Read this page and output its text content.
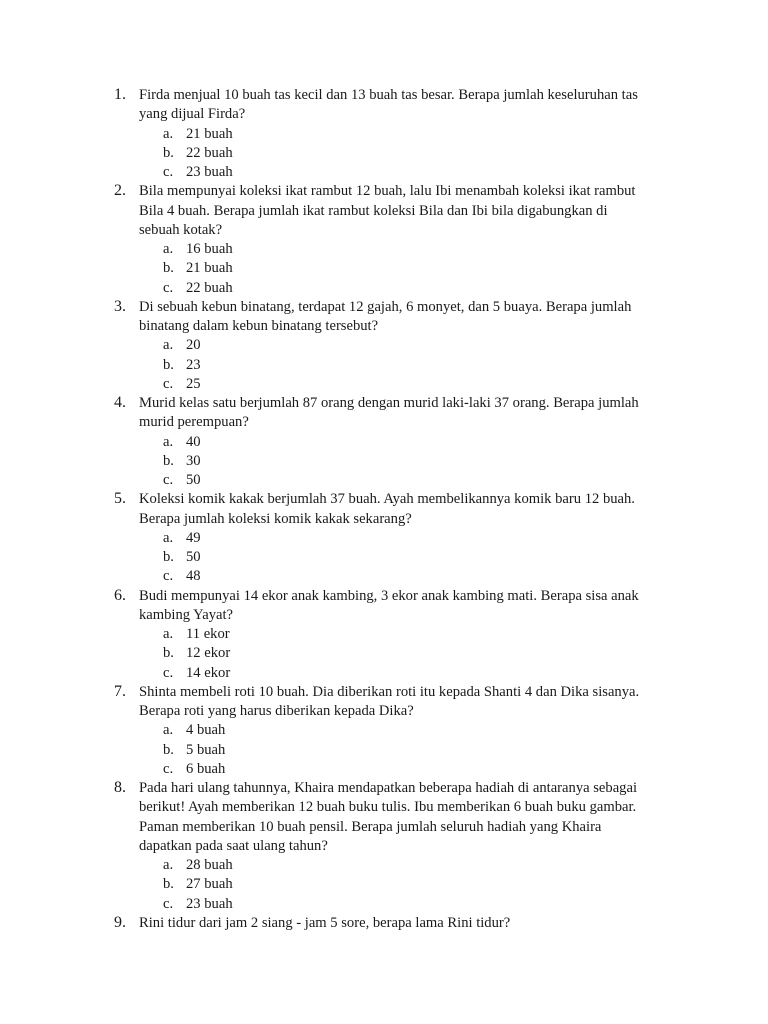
1. Firda menjual 10 buah tas kecil dan 13 buah tas besar. Berapa jumlah keseluruhan tas
yang dijual Firda?
a. 21 buah
b. 22 buah
c. 23 buah
2. Bila mempunyai koleksi ikat rambut 12 buah, lalu Ibi menambah koleksi ikat rambut
Bila 4 buah. Berapa jumlah ikat rambut koleksi Bila dan Ibi bila digabungkan di
sebuah kotak?
a. 16 buah
b. 21 buah
c. 22 buah
3. Di sebuah kebun binatang, terdapat 12 gajah, 6 monyet, dan 5 buaya. Berapa jumlah
binatang dalam kebun binatang tersebut?
a. 20
b. 23
c. 25
4. Murid kelas satu berjumlah 87 orang dengan murid laki-laki 37 orang. Berapa jumlah
murid perempuan?
a. 40
b. 30
c. 50
5. Koleksi komik kakak berjumlah 37 buah. Ayah membelikannya komik baru 12 buah.
Berapa jumlah koleksi komik kakak sekarang?
a. 49
b. 50
c. 48
6. Budi mempunyai 14 ekor anak kambing, 3 ekor anak kambing mati. Berapa sisa anak
kambing Yayat?
a. 11 ekor
b. 12 ekor
c. 14 ekor
7. Shinta membeli roti 10 buah. Dia diberikan roti itu kepada Shanti 4 dan Dika sisanya.
Berapa roti yang harus diberikan kepada Dika?
a. 4 buah
b. 5 buah
c. 6 buah
8. Pada hari ulang tahunnya, Khaira mendapatkan beberapa hadiah di antaranya sebagai
berikut! Ayah memberikan 12 buah buku tulis. Ibu memberikan 6 buah buku gambar.
Paman memberikan 10 buah pensil. Berapa jumlah seluruh hadiah yang Khaira
dapatkan pada saat ulang tahun?
a. 28 buah
b. 27 buah
c. 23 buah
9. Rini tidur dari jam 2 siang - jam 5 sore, berapa lama Rini tidur?
